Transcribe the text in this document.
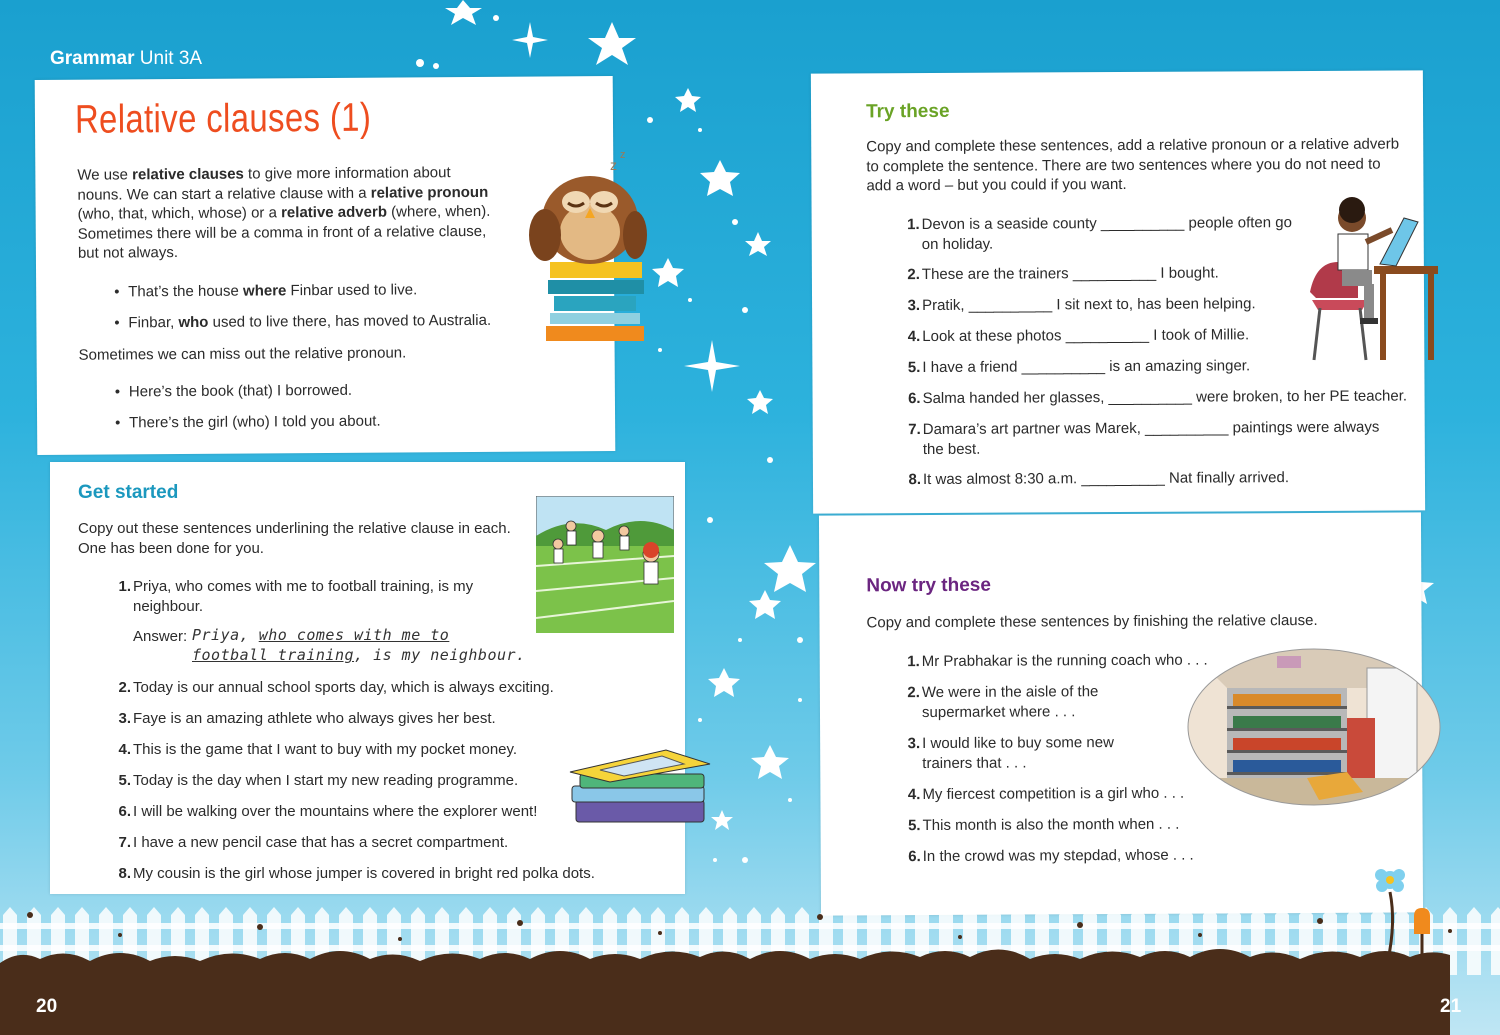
Grammar Unit 3A
Relative clauses (1)
We use relative clauses to give more information about
nouns. We can start a relative clause with a relative pronoun
(who, that, which, whose) or a relative adverb (where, when).
Sometimes there will be a comma in front of a relative clause,
but not always.
Sometimes we can miss out the relative pronoun.
• That’s the house where Finbar used to live.
• Finbar, who used to live there, has moved to Australia.
• Here’s the book (that) I borrowed.
• There’s the girl (who) I told you about.
z
z
Get started
Copy out these sentences underlining the relative clause in each.
One has been done for you.
1. Priya, who comes with me to football training, is my
neighbour.
Answer: Priya, who comes with me to
football training, is my neighbour.
2. Today is our annual school sports day, which is always exciting.
3. Faye is an amazing athlete who always gives her best.
4. This is the game that I want to buy with my pocket money.
5. Today is the day when I start my new reading programme.
6. I will be walking over the mountains where the explorer went!
7. I have a new pencil case that has a secret compartment.
8. My cousin is the girl whose jumper is covered in bright red polka dots.
Try these
Copy and complete these sentences, add a relative pronoun or a relative adverb
to complete the sentence. There are two sentences where you do not need to
add a word – but you could if you want.
1. Devon is a seaside county __________ people often go
on holiday.
2. These are the trainers __________ I bought.
3. Pratik, __________ I sit next to, has been helping.
4. Look at these photos __________ I took of Millie.
5. I have a friend __________ is an amazing singer.
6. Salma handed her glasses, __________ were broken, to her PE teacher.
7. Damara’s art partner was Marek, __________ paintings were always
the best.
8. It was almost 8:30 a.m. __________ Nat finally arrived.
Now try these
Copy and complete these sentences by finishing the relative clause.
1. Mr Prabhakar is the running coach who . . .
2. We were in the aisle of the
supermarket where . . .
3. I would like to buy some new
trainers that . . .
4. My fiercest competition is a girl who . . .
5. This month is also the month when . . .
6. In the crowd was my stepdad, whose . . .
20	21
